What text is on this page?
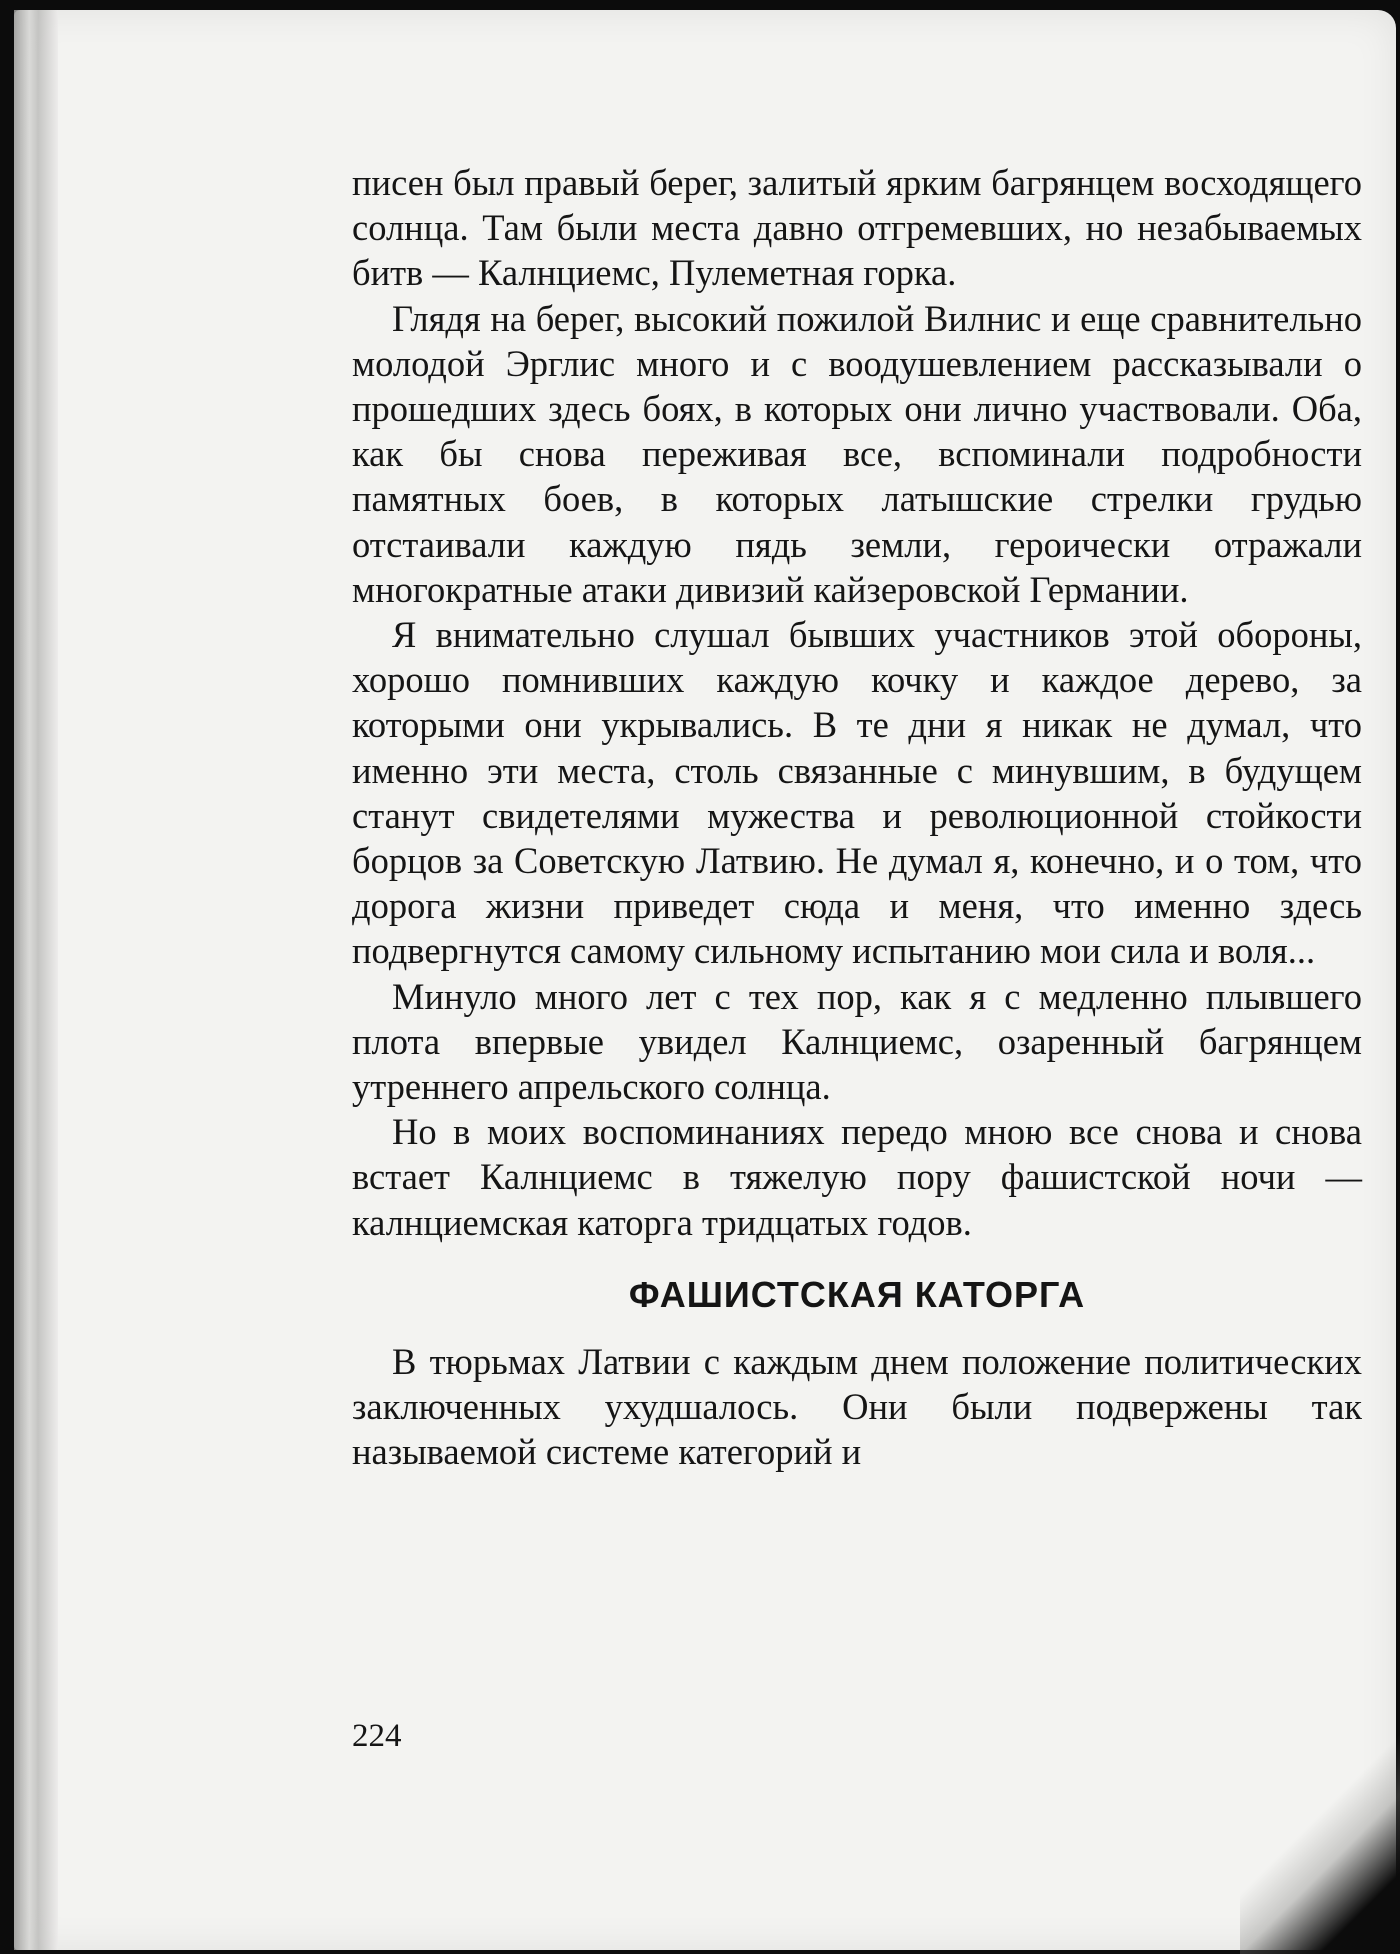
писен был правый берег, залитый ярким багрянцем восходящего солнца. Там были места давно отгремевших, но незабываемых битв — Калнциемс, Пулеметная горка.

Глядя на берег, высокий пожилой Вилнис и еще сравнительно молодой Эрглис много и с воодушевлением рассказывали о прошедших здесь боях, в которых они лично участвовали. Оба, как бы снова переживая все, вспоминали подробности памятных боев, в которых латышские стрелки грудью отстаивали каждую пядь земли, героически отражали многократные атаки дивизий кайзеровской Германии.

Я внимательно слушал бывших участников этой обороны, хорошо помнивших каждую кочку и каждое дерево, за которыми они укрывались. В те дни я никак не думал, что именно эти места, столь связанные с минувшим, в будущем станут свидетелями мужества и революционной стойкости борцов за Советскую Латвию. Не думал я, конечно, и о том, что дорога жизни приведет сюда и меня, что именно здесь подвергнутся самому сильному испытанию мои сила и воля...

Минуло много лет с тех пор, как я с медленно плывшего плота впервые увидел Калнциемс, озаренный багрянцем утреннего апрельского солнца.

Но в моих воспоминаниях передо мною все снова и снова встает Калнциемс в тяжелую пору фашистской ночи — калнциемская каторга тридцатых годов.

ФАШИСТСКАЯ КАТОРГА

В тюрьмах Латвии с каждым днем положение политических заключенных ухудшалось. Они были подвержены так называемой системе категорий и

224
